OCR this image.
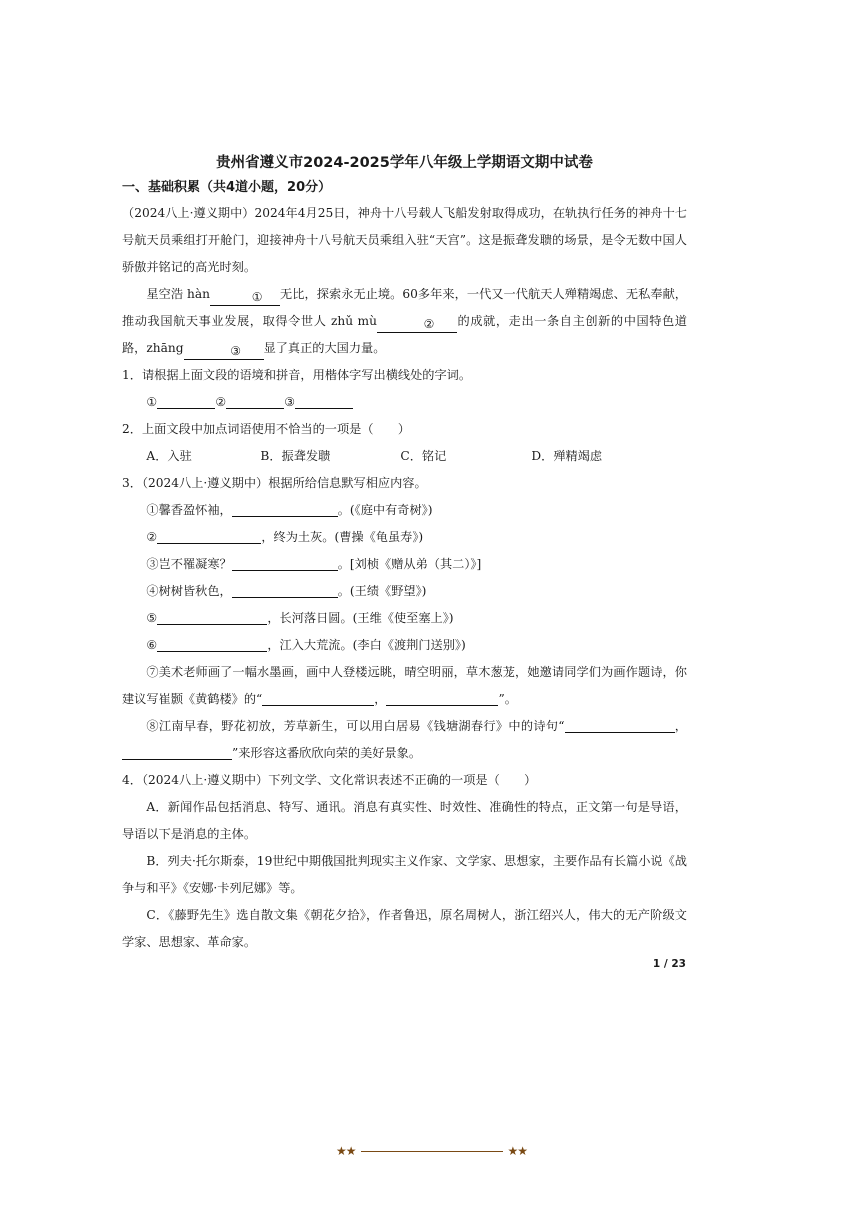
贵州省遵义市2024-2025学年八年级上学期语文期中试卷
一、基础积累（共4道小题，20分）
（2024八上·遵义期中）2024年4月25日，神舟十八号载人飞船发射取得成功，在轨执行任务的神舟十七号航天员乘组打开舱门，迎接神舟十八号航天员乘组入驻“天宫”。这是振聋发聩的场景，是令无数中国人骄傲并铭记的高光时刻。
星空浩 hàn	① 无比，探索永无止境。60多年来，一代又一代航天人殚精竭虑、无私奉献，推动我国航天事业发展，取得令世人 zhǔ mù	② 的成就，走出一条自主创新的中国特色道路，zhāng	③ 显了真正的大国力量。
1．请根据上面文段的语境和拼音，用楷体字写出横线处的字词。
①	②	③
2．上面文段中加点词语使用不恰当的一项是（　　）
A．入驻	B．振聋发聩	C．铭记	D．殚精竭虑
3．（2024八上·遵义期中）根据所给信息默写相应内容。
①馨香盈怀袖，	。(《庭中有奇树》)
②	，终为土灰。(曹操《龟虽寿》)
③岂不罹凝寒？	。[刘桢《赠从弟（其二）》]
④树树皆秋色，	。(王绩《野望》)
⑤	，长河落日圆。(王维《使至塞上》)
⑥	，江入大荒流。(李白《渡荆门送别》)
⑦美术老师画了一幅水墨画，画中人登楼远眺，晴空明丽，草木葱茏，她邀请同学们为画作题诗，你建议写崔颢《黄鹤楼》的“	，	”。
⑧江南早春，野花初放，芳草新生，可以用白居易《钱塘湖春行》中的诗句“	，”来形容这番欣欣向荣的美好景象。
4．（2024八上·遵义期中）下列文学、文化常识表述不正确的一项是（　　）
A．新闻作品包括消息、特写、通讯。消息有真实性、时效性、准确性的特点，正文第一句是导语，导语以下是消息的主体。
B．列夫·托尔斯泰，19世纪中期俄国批判现实主义作家、文学家、思想家，主要作品有长篇小说《战争与和平》《安娜·卡列尼娜》等。
C．《藤野先生》选自散文集《朝花夕拾》，作者鲁迅，原名周树人，浙江绍兴人，伟大的无产阶级文学家、思想家、革命家。
1 / 23
★★	★★
